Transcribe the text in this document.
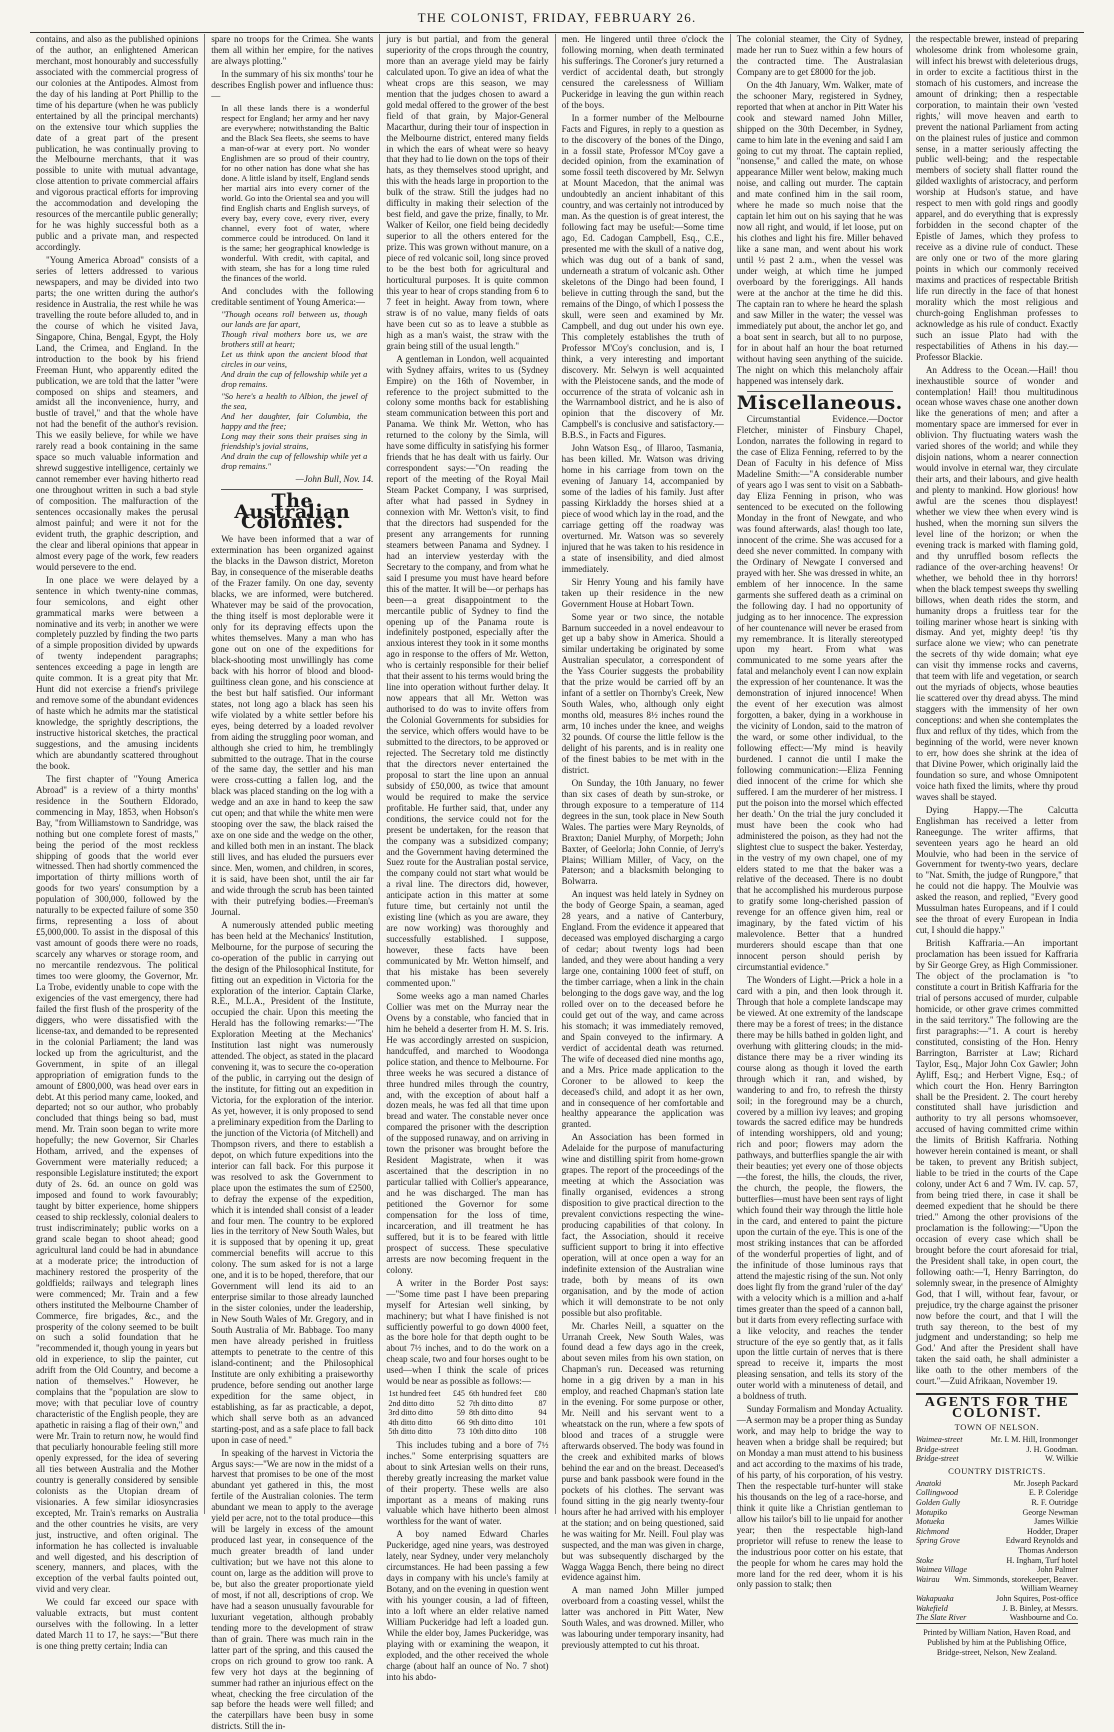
THE COLONIST, FRIDAY, FEBRUARY 26.

contains, and also as the published opinions of the author, an enlightened American merchant, most honourably and successfully associated with the commercial progress of our colonies at the Antipodes. Almost from the day of his landing at Port Phillip to the time of his departure (when he was publicly entertained by all the principal merchants) on the extensive tour which supplies the date of a great part of the present publication, he was continually proving to the Melbourne merchants, that it was possible to unite with mutual advantage, close attention to private commercial affairs and vigorous practical efforts for improving the accommodation and developing the resources of the mercantile public generally; for he was highly successful both as a public and a private man, and respected accordingly.

"Young America Abroad" consists of a series of letters addressed to various newspapers, and may be divided into two parts; the one written during the author's residence in Australia, the rest while he was travelling the route before alluded to, and in the course of which he visited Java, Singapore, China, Bengal, Egypt, the Holy Land, the Crimea, and England. In the introduction to the book by his friend Freeman Hunt, who apparently edited the publication, we are told that the latter "were composed on ships and steamers, and amidst all the inconvenience, hurry, and bustle of travel," and that the whole have not had the benefit of the author's revision. This we easily believe, for while we have rarely read a book containing in the same space so much valuable information and shrewd suggestive intelligence, certainly we cannot remember ever having hitherto read one throughout written in such a bad style of composition. The malfuraction of the sentences occasionally makes the perusal almost painful; and were it not for the evident truth, the graphic description, and the clear and liberal opinions that appear in almost every page of the work, few readers would persevere to the end.

In one place we were delayed by a sentence in which twenty-nine commas, four semicolons, and eight other grammatical marks were between a nominative and its verb; in another we were completely puzzled by finding the two parts of a simple proposition divided by upwards of twenty independent paragraphs; sentences exceeding a page in length are quite common. It is a great pity that Mr. Hunt did not exercise a friend's privilege and remove some of the abundant evidences of haste which he admits mar the statistical knowledge, the sprightly descriptions, the instructive historical sketches, the practical suggestions, and the amusing incidents which are abundantly scattered throughout the book.

The first chapter of "Young America Abroad" is a review of a thirty months' residence in the Southern Eldorado, commencing in May, 1853, when Hobson's Bay, "from Williamstown to Sandridge, was nothing but one complete forest of masts," being the period of the most reckless shipping of goods that the world ever witnessed. Then had shortly commenced the importation of thirty millions worth of goods for two years' consumption by a population of 300,000, followed by the naturally to be expected failure of some 350 firms, representing a loss of about £5,000,000. To assist in the disposal of this vast amount of goods there were no roads, scarcely any wharves or storage room, and no mercantile rendezvous. The political times too were gloomy, the Governor, Mr. La Trobe, evidently unable to cope with the exigencies of the vast emergency, there had failed the first flush of the prosperity of the diggers, who were dissatisfied with the license-tax, and demanded to be represented in the colonial Parliament; the land was locked up from the agriculturist, and the Government, in spite of an illegal appropriation of emigration funds to the amount of £800,000, was head over ears in debt. At this period many came, looked, and departed; not so our author, who probably concluded that things being so bad, must mend. Mr. Train soon began to write more hopefully; the new Governor, Sir Charles Hotham, arrived, and the expenses of Government were materially reduced; a responsible Legislature instituted; the export duty of 2s. 6d. an ounce on gold was imposed and found to work favourably; taught by bitter experience, home shippers ceased to ship recklessly, colonial dealers to trust indiscriminately; public works on a grand scale began to shoot ahead; good agricultural land could be had in abundance at a moderate price; the introduction of machinery restored the prosperity of the goldfields; railways and telegraph lines were commenced; Mr. Train and a few others instituted the Melbourne Chamber of Commerce, fire brigades, &c., and the prosperity of the colony seemed to be built on such a solid foundation that he "recommended it, though young in years but old in experience, to slip the painter, cut adrift from the Old Country, and become a nation of themselves." However, he complains that the "population are slow to move; with that peculiar love of country characteristic of the English people, they are apathetic in raising a flag of their own," and were Mr. Train to return now, he would find that peculiarly honourable feeling still more openly expressed, for the idea of severing all ties between Australia and the Mother country is generally considered by sensible colonists as the Utopian dream of visionaries. A few similar idiosyncrasies excepted, Mr. Train's remarks on Australia and the other countries he visits, are very just, instructive, and often original. The information he has collected is invaluable and well digested, and his description of scenery, manners, and places, with the exception of the verbal faults pointed out, vivid and very clear.

We could far exceed our space with valuable extracts, but must content ourselves with the following. In a letter dated March 11 to 17, he says:—"But there is one thing pretty certain; India can

spare no troops for the Crimea. She wants them all within her empire, for the natives are always plotting."

In the summary of his six months' tour he describes English power and influence thus:—

In all these lands there is a wonderful respect for England; her army and her navy are everywhere; notwithstanding the Baltic and the Black Sea fleets, she seems to have a man-of-war at every port. No wonder Englishmen are so proud of their country, for no other nation has done what she has done. A little island by itself, England sends her martial airs into every corner of the world. Go into the Oriental sea and you will find English charts and English surveys, of every bay, every cove, every river, every channel, every foot of water, where commerce could be introduced. On land it is the same; her geographical knowledge is wonderful. With credit, with capital, and with steam, she has for a long time ruled the finances of the world.

And concludes with the following creditable sentiment of Young America:—

"Though oceans roll between us, though our lands are far apart,
Though rival mothers bore us, we are brothers still at heart;
Let us think upon the ancient blood that circles in our veins,
And drain the cup of fellowship while yet a drop remains.
"So here's a health to Albion, the jewel of the sea,
And her daughter, fair Columbia, the happy and the free;
Long may their sons their praises sing in friendship's jovial strains,
And drain the cup of fellowship while yet a drop remains."
—John Bull, Nov. 14.
The Australian Colonies.

We have been informed that a war of extermination has been organized against the blacks in the Dawson district, Moreton Bay, in consequence of the miserable deaths of the Frazer family. On one day, seventy blacks, we are informed, were butchered. Whatever may be said of the provocation, the thing itself is most deplorable were it only for its depraving effects upon the whites themselves. Many a man who has gone out on one of the expeditions for black-shooting most unwillingly has come back with his horror of blood and blood-guiltiness clean gone, and his conscience at the best but half satisfied. Our informant states, not long ago a black has seen his wife violated by a white settler before his eyes, being deterred by a loaded revolver from aiding the struggling poor woman, and although she cried to him, he tremblingly submitted to the outrage. That in the course of the same day, the settler and his man were cross-cutting a fallen log, and the black was placed standing on the log with a wedge and an axe in hand to keep the saw cut open; and that while the white men were stooping over the saw, the black raised the axe on one side and the wedge on the other, and killed both men in an instant. The black still lives, and has eluded the pursuers ever since. Men, women, and children, in scores, it is said, have been shot, until the air far and wide through the scrub has been tainted with their putrefying bodies.—Freeman's Journal.

A numerously attended public meeting has been held at the Mechanics' Institution, Melbourne, for the purpose of securing the co-operation of the public in carrying out the design of the Philosophical Institute, for fitting out an expedition in Victoria for the exploration of the interior. Captain Clarke, R.E., M.L.A., President of the Institute, occupied the chair. Upon this meeting the Herald has the following remarks:—"The Exploration Meeting at the Mechanics' Institution last night was numerously attended. The object, as stated in the placard convening it, was to secure the co-operation of the public, in carrying out the design of the institute, for fitting out an expedition in Victoria, for the exploration of the interior. As yet, however, it is only proposed to send a preliminary expedition from the Darling to the junction of the Victoria (of Mitchell) and Thompson rivers, and there to establish a depot, on which future expeditions into the interior can fall back. For this purpose it was resolved to ask the Government to place upon the estimates the sum of £2500, to defray the expense of the expedition, which it is intended shall consist of a leader and four men. The country to be explored lies in the territory of New South Wales, but it is supposed that by opening it up, great commercial benefits will accrue to this colony. The sum asked for is not a large one, and it is to be hoped, therefore, that our Government will lend its aid to an enterprise similar to those already launched in the sister colonies, under the leadership, in New South Wales of Mr. Gregory, and in South Australia of Mr. Babbage. Too many men have already perished in fruitless attempts to penetrate to the centre of this island-continent; and the Philosophical Institute are only exhibiting a praiseworthy prudence, before sending out another large expedition for the same object, in establishing, as far as practicable, a depot, which shall serve both as an advanced starting-post, and as a safe place to fall back upon in case of need."

In speaking of the harvest in Victoria the Argus says:—"We are now in the midst of a harvest that promises to be one of the most abundant yet gathered in this, the most fertile of the Australian colonies. The term abundant we mean to apply to the average yield per acre, not to the total produce—this will be largely in excess of the amount produced last year, in consequence of the much greater breadth of land under cultivation; but we have not this alone to count on, large as the addition will prove to be, but also the greater proportionate yield of most, if not all, descriptions of crop. We have had a season unusually favourable for luxuriant vegetation, although probably tending more to the development of straw than of grain. There was much rain in the latter part of the spring, and this caused the crops on rich ground to grow too rank. A few very hot days at the beginning of summer had rather an injurious effect on the wheat, checking the free circulation of the sap before the heads were well filled; and the caterpillars have been busy in some districts. Still the in-

jury is but partial, and from the general superiority of the crops through the country, more than an average yield may be fairly calculated upon. To give an idea of what the wheat crops are this season, we may mention that the judges chosen to award a gold medal offered to the grower of the best field of that grain, by Major-General Macarthur, during their tour of inspection in the Melbourne district, entered many fields in which the ears of wheat were so heavy that they had to lie down on the tops of their hats, as they themselves stood upright, and this with the heads large in proportion to the bulk of the straw. Still the judges had no difficulty in making their selection of the best field, and gave the prize, finally, to Mr. Walker of Keilor, one field being decidedly superior to all the others entered for the prize. This was grown without manure, on a piece of red volcanic soil, long since proved to be the best both for agricultural and horticultural purposes. It is quite common this year to hear of crops standing from 6 to 7 feet in height. Away from town, where straw is of no value, many fields of oats have been cut so as to leave a stubble as high as a man's waist, the straw with the grain being still of the usual length."

A gentleman in London, well acquainted with Sydney affairs, writes to us (Sydney Empire) on the 16th of November, in reference to the project submitted to the colony some months back for establishing steam communication between this port and Panama. We think Mr. Wetton, who has returned to the colony by the Simla, will have some difficulty in satisfying his former friends that he has dealt with us fairly. Our correspondent says:—"On reading the report of the meeting of the Royal Mail Steam Packet Company, I was surprised, after what had passed in Sydney in connexion with Mr. Wetton's visit, to find that the directors had suspended for the present any arrangements for running steamers between Panama and Sydney. I had an interview yesterday with the Secretary to the company, and from what he said I presume you must have heard before this of the matter. It will be—or perhaps has been—a great disappointment to the mercantile public of Sydney to find the opening up of the Panama route is indefinitely postponed, especially after the anxious interest they took in it some months ago in response to the offers of Mr. Wetton, who is certainly responsible for their belief that their assent to his terms would bring the line into operation without further delay. It now appears that all Mr. Wetton was authorised to do was to invite offers from the Colonial Governments for subsidies for the service, which offers would have to be submitted to the directors, to be approved or rejected. The Secretary told me distinctly that the directors never entertained the proposal to start the line upon an annual subsidy of £50,000, as twice that amount would be required to make the service profitable. He further said, that, under any conditions, the service could not for the present be undertaken, for the reason that the company was a subsidized company; and the Government having determined the Suez route for the Australian postal service, the company could not start what would be a rival line. The directors did, however, anticipate action in this matter at some future time, but certainly not until the existing line (which as you are aware, they are now working) was thoroughly and successfully established. I suppose, however, these facts have been communicated by Mr. Wetton himself, and that his mistake has been severely commented upon."

Some weeks ago a man named Charles Collier was met on the Murray near the Ovens by a constable, who fancied that in him he beheld a deserter from H. M. S. Iris. He was accordingly arrested on suspicion, handcuffed, and marched to Woodonga police station, and thence to Melbourne. For three weeks he was secured a distance of three hundred miles through the country, and, with the exception of about half a dozen meals, he was fed all that time upon bread and water. The constable never once compared the prisoner with the description of the supposed runaway, and on arriving in town the prisoner was brought before the Resident Magistrate, when it was ascertained that the description in no particular tallied with Collier's appearance, and he was discharged. The man has petitioned the Governor for some compensation for the loss of time, incarceration, and ill treatment he has suffered, but it is to be feared with little prospect of success. These speculative arrests are now becoming frequent in the colony.

A writer in the Border Post says:—"Some time past I have been preparing myself for Artesian well sinking, by machinery; but what I have finished is not sufficiently powerful to go down 4000 feet, as the bore hole for that depth ought to be about 7½ inches, and to do the work on a cheap scale, two and four horses ought to be used—when I think the scale of prices would be near as possible as follows:—

1st hundred feet	£45	6th hundred feet	£80
2nd ditto ditto	52	7th ditto ditto	87
3rd ditto ditto	59	8th ditto ditto	94
4th ditto ditto	66	9th ditto ditto	101
5th ditto ditto	73	10th ditto ditto	108

This includes tubing and a bore of 7½ inches." Some enterprising squatters are about to sink Artesian wells on their runs, thereby greatly increasing the market value of their property. These wells are also important as a means of making runs valuable which have hitherto been almost worthless for the want of water.

A boy named Edward Charles Puckeridge, aged nine years, was destroyed lately, near Sydney, under very melancholy circumstances. He had been passing a few days in company with his uncle's family at Botany, and on the evening in question went with his younger cousin, a lad of fifteen, into a loft where an elder relative named William Puckeridge had left a loaded gun. While the elder boy, James Puckeridge, was playing with or examining the weapon, it exploded, and the other received the whole charge (about half an ounce of No. 7 shot) into his abdo-

men. He lingered until three o'clock the following morning, when death terminated his sufferings. The Coroner's jury returned a verdict of accidental death, but strongly censured the carelessness of William Puckeridge in leaving the gun within reach of the boys.

In a former number of the Melbourne Facts and Figures, in reply to a question as to the discovery of the bones of the Dingo, in a fossil state, Professor M'Coy gave a decided opinion, from the examination of some fossil teeth discovered by Mr. Selwyn at Mount Macedon, that the animal was undoubtedly an ancient inhabitant of this country, and was certainly not introduced by man. As the question is of great interest, the following fact may be useful:—Some time ago, Ed. Cadogan Campbell, Esq., C.E., presented me with the skull of a native dog, which was dug out of a bank of sand, underneath a stratum of volcanic ash. Other skeletons of the Dingo had been found, I believe in cutting through the sand, but the remains of the Dingo, of which I possess the skull, were seen and examined by Mr. Campbell, and dug out under his own eye. This completely establishes the truth of Professor M'Coy's conclusion, and is, I think, a very interesting and important discovery. Mr. Selwyn is well acquainted with the Pleistocene sands, and the mode of occurrence of the strata of volcanic ash in the Warrnambool district, and he is also of opinion that the discovery of Mr. Campbell's is conclusive and satisfactory.—B.B.S., in Facts and Figures.

John Watson Esq., of Illaroo, Tasmania, has been killed. Mr. Watson was driving home in his carriage from town on the evening of January 14, accompanied by some of the ladies of his family. Just after passing Kirkladdy the horses shied at a piece of wood which lay in the road, and the carriage getting off the roadway was overturned. Mr. Watson was so severely injured that he was taken to his residence in a state of insensibility, and died almost immediately.

Sir Henry Young and his family have taken up their residence in the new Government House at Hobart Town.

Some year or two since, the notable Barnum succeeded in a novel endeavour to get up a baby show in America. Should a similar undertaking be originated by some Australian speculator, a correspondent of the Yass Courier suggests the probability that the prize would be carried off by an infant of a settler on Thornby's Creek, New South Wales, who, although only eight months old, measures 8½ inches round the arm, 10 inches under the knee, and weighs 32 pounds. Of course the little fellow is the delight of his parents, and is in reality one of the finest babies to be met with in the district.

On Sunday, the 10th January, no fewer than six cases of death by sun-stroke, or through exposure to a temperature of 114 degrees in the sun, took place in New South Wales. The parties were Mary Reynolds, of Braxton; Daniel Murphy, of Morpeth; John Baxter, of Geelorla; John Connie, of Jerry's Plains; William Miller, of Vacy, on the Paterson; and a blacksmith belonging to Bolwarra.

An inquest was held lately in Sydney on the body of George Spain, a seaman, aged 28 years, and a native of Canterbury, England. From the evidence it appeared that deceased was employed discharging a cargo of cedar; about twenty logs had been landed, and they were about handing a very large one, containing 1000 feet of stuff, on the timber carriage, when a link in the chain belonging to the dogs gave way, and the log rolled over on to the deceased before he could get out of the way, and came across his stomach; it was immediately removed, and Spain conveyed to the infirmary. A verdict of accidental death was returned. The wife of deceased died nine months ago, and a Mrs. Price made application to the Coroner to be allowed to keep the deceased's child, and adopt it as her own, and in consequence of her comfortable and healthy appearance the application was granted.

An Association has been formed in Adelaide for the purpose of manufacturing wine and distilling spirit from home-grown grapes. The report of the proceedings of the meeting at which the Association was finally organised, evidences a strong disposition to give practical direction to the prevalent convictions respecting the wine-producing capabilities of that colony. In fact, the Association, should it receive sufficient support to bring it into effective operation, will at once open a way for an indefinite extension of the Australian wine trade, both by means of its own organisation, and by the mode of action which it will demonstrate to be not only possible but also profitable.

Mr. Charles Neill, a squatter on the Urranah Creek, New South Wales, was found dead a few days ago in the creek, about seven miles from his own station, on Chapman's run. Deceased was returning home in a gig driven by a man in his employ, and reached Chapman's station late in the evening. For some purpose or other, Mr. Neill and his servant went to a wheatstack on the run, where a few spots of blood and traces of a struggle were afterwards observed. The body was found in the creek and exhibited marks of blows behind the ear and on the breast. Deceased's purse and bank passbook were found in the pockets of his clothes. The servant was found sitting in the gig nearly twenty-four hours after he had arrived with his employer at the station; and on being questioned, said he was waiting for Mr. Neill. Foul play was suspected, and the man was given in charge, but was subsequently discharged by the Wagga Wagga Bench, there being no direct evidence against him.

A man named John Miller jumped overboard from a coasting vessel, whilst the latter was anchored in Pitt Water, New South Wales, and was drowned. Miller, who was labouring under temporary insanity, had previously attempted to cut his throat.

The colonial steamer, the City of Sydney, made her run to Suez within a few hours of the contracted time. The Australasian Company are to get £8000 for the job.

On the 4th January, Wm. Walker, mate of the schooner Mary, registered in Sydney, reported that when at anchor in Pitt Water his cook and steward named John Miller, shipped on the 30th December, in Sydney, came to him late in the evening and said I am going to cut my throat. The captain replied, "nonsense," and called the mate, on whose appearance Miller went below, making much noise, and calling out murder. The captain and mate confined him in the sail room, where he made so much noise that the captain let him out on his saying that he was now all right, and would, if let loose, put on his clothes and light his fire. Miller behaved like a sane man, and went about his work until ½ past 2 a.m., when the vessel was under weigh, at which time he jumped overboard by the foreriggings. All hands were at the anchor at the time he did this. The captain ran to where he heard the splash and saw Miller in the water; the vessel was immediately put about, the anchor let go, and a boat sent in search, but all to no purpose, for in about half an hour the boat returned without having seen anything of the suicide. The night on which this melancholy affair happened was intensely dark.

Miscellaneous.

Circumstantial Evidence.—Doctor Fletcher, minister of Finsbury Chapel, London, narrates the following in regard to the case of Eliza Fenning, referred to by the Dean of Faculty in his defence of Miss Madeline Smith:—"A considerable number of years ago I was sent to visit on a Sabbath-day Eliza Fenning in prison, who was sentenced to be executed on the following Monday in the front of Newgate, and who was found afterwards, alas! though too late, innocent of the crime. She was accused for a deed she never committed. In company with the Ordinary of Newgate I conversed and prayed with her. She was dressed in white, an emblem of her innocence. In the same garments she suffered death as a criminal on the following day. I had no opportunity of judging as to her innocence. The expression of her countenance will never be erased from my remembrance. It is literally stereotyped upon my heart. From what was communicated to me some years after the fatal and melancholy event I can now explain the expression of her countenance. It was the demonstration of injured innocence! When the event of her execution was almost forgotten, a baker, dying in a workhouse in the vicinity of London, said to the matron of the ward, or some other individual, to the following effect:—'My mind is heavily burdened. I cannot die until I make the following communication:—Eliza Fenning died innocent of the crime for which she suffered. I am the murderer of her mistress. I put the poison into the morsel which effected her death.' On the trial the jury concluded it must have been the cook who had administered the poison, as they had not the slightest clue to suspect the baker. Yesterday, in the vestry of my own chapel, one of my elders stated to me that the baker was a relative of the deceased. There is no doubt that he accomplished his murderous purpose to gratify some long-cherished passion of revenge for an offence given him, real or imaginary, by the fated victim of his malevolence. Better that a hundred murderers should escape than that one innocent person should perish by circumstantial evidence."

The Wonders of Light.—Prick a hole in a card with a pin, and then look through it. Through that hole a complete landscape may be viewed. At one extremity of the landscape there may be a forest of trees; in the distance there may be hills bathed in golden light, and overhung with glittering clouds; in the mid-distance there may be a river winding its course along as though it loved the earth through which it ran, and wished, by wandering to and fro, to refresh the thirsty soil; in the foreground may be a church, covered by a million ivy leaves; and groping towards the sacred edifice may be hundreds of intending worshippers, old and young; rich and poor; flowers may adorn the pathways, and butterflies spangle the air with their beauties; yet every one of those objects—the forest, the hills, the clouds, the river, the church, the people, the flowers, the butterflies—must have been sent rays of light which found their way through the little hole in the card, and entered to paint the picture upon the curtain of the eye. This is one of the most striking instances that can be afforded of the wonderful properties of light, and of the infinitude of those luminous rays that attend the majestic rising of the sun. Not only does light fly from the grand 'ruler of the day' with a velocity which is a million and a-half times greater than the speed of a cannon ball, but it darts from every reflecting surface with a like velocity, and reaches the tender structure of the eye so gently that, as it falls upon the little curtain of nerves that is there spread to receive it, imparts the most pleasing sensation, and tells its story of the outer world with a minuteness of detail, and a boldness of truth.

Sunday Formalism and Monday Actuality.—A sermon may be a proper thing as Sunday work, and may help to bridge the way to heaven when a bridge shall be required; but on Monday a man must attend to his business and act according to the maxims of his trade, of his party, of his corporation, of his vestry. Then the respectable turf-hunter will stake his thousands on the leg of a race-horse, and think it quite like a Christian gentleman to allow his tailor's bill to lie unpaid for another year; then the respectable high-land proprietor will refuse to renew the lease to the industrious poor cotter on his estate, that the people for whom he cares may hold the more land for the red deer, whom it is his only passion to stalk; then

the respectable brewer, instead of preparing wholesome drink from wholesome grain, will infect his brewst with deleterious drugs, in order to excite a factitious thirst in the stomach of his customers, and increase the amount of drinking; then a respectable corporation, to maintain their own 'vested rights,' will move heaven and earth to prevent the national Parliament from acting on the plainest rules of justice and common sense, in a matter seriously affecting the public well-being; and the respectable members of society shall flatter round the gilded waxlights of aristocracy, and perform worship at Hudson's statue, and have respect to men with gold rings and goodly apparel, and do everything that is expressly forbidden in the second chapter of the Epistle of James, which they profess to receive as a divine rule of conduct. These are only one or two of the more glaring points in which our commonly received maxims and practices of respectable British life run directly in the face of that honest morality which the most religious and church-going Englishman professes to acknowledge as his rule of conduct. Exactly such an issue Plato had with the respectabilities of Athens in his day.—Professor Blackie.

An Address to the Ocean.—Hail! thou inexhaustible source of wonder and contemplation! Hail! thou multitudinous ocean whose waves chase one another down like the generations of men; and after a momentary space are immersed for ever in oblivion. Thy fluctuating waters wash the varied shores of the world; and while they disjoin nations, whom a nearer connection would involve in eternal war, they circulate their arts, and their labours, and give health and plenty to mankind. How glorious! how awful are the scenes thou displayest! whether we view thee when every wind is hushed, when the morning sun silvers the level line of the horizon; or when the evening track is marked with flaming gold, and thy unruffled bosom reflects the radiance of the over-arching heavens! Or whether, we behold thee in thy horrors! when the black tempest sweeps thy swelling billows, when death rides the storm, and humanity drops a fruitless tear for the toiling mariner whose heart is sinking with dismay. And yet, mighty deep! 'tis thy surface alone we view; who can penetrate the secrets of thy wide domain; what eye can visit thy immense rocks and caverns, that teem with life and vegetation, or search out the myriads of objects, whose beauties lie scattered over thy dread abyss. The mind staggers with the immensity of her own conceptions: and when she contemplates the flux and reflux of thy tides, which from the beginning of the world, were never known to err, how does she shrink at the idea of that Divine Power, which originally laid the foundation so sure, and whose Omnipotent voice hath fixed the limits, where thy proud waves shall be stayed.

Dying Happy.—The Calcutta Englishman has received a letter from Raneegunge. The writer affirms, that seventeen years ago he heard an old Moulvie, who had been in the service of Government for twenty-two years, declare to "Nat. Smith, the judge of Rungpore," that he could not die happy. The Moulvie was asked the reason, and replied, "Every good Mussulman hates Europeans, and if I could see the throat of every European in India cut, I should die happy."

British Kaffraria.—An important proclamation has been issued for Kaffraria by Sir George Grey, as High Commissioner. The object of the proclamation is "to constitute a court in British Kaffraria for the trial of persons accused of murder, culpable homicide, or other grave crimes committed in the said territory." The following are the first paragraphs:—"1. A court is hereby constituted, consisting of the Hon. Henry Barrington, Barrister at Law; Richard Taylor, Esq., Major John Cox Gawler; John Ayliff, Esq.; and Herbert Vigne, Esq.; of which court the Hon. Henry Barrington shall be the President. 2. The court hereby constituted shall have jurisdiction and authority to try all persons whomsoever, accused of having committed crime within the limits of British Kaffraria. Nothing however herein contained is meant, or shall be taken, to prevent any British subject, liable to be tried in the courts of the Cape colony, under Act 6 and 7 Wm. IV. cap. 57, from being tried there, in case it shall be deemed expedient that he should be there tried." Among the other provisions of the proclamation is the following:—"Upon the occasion of every case which shall be brought before the court aforesaid for trial, the President shall take, in open court, the following oath:—'I, Henry Barrington, do solemnly swear, in the presence of Almighty God, that I will, without fear, favour, or prejudice, try the charge against the prisoner now before the court, and that I will the truth say thereon, to the best of my judgment and understanding; so help me God.' And after the President shall have taken the said oath, he shall administer a like oath to the other members of the court."—Zuid Afrikaan, November 19.

AGENTS FOR THE COLONIST.
TOWN OF NELSON.
Waimea-street	Mr. I. M. Hill, Ironmonger
Bridge-street	J. H. Goodman.
Bridge-street	W. Wilkie
COUNTRY DISTRICTS.
Anatoki	Mr. Joseph Packard
Collingwood	E. P. Coleridge
Golden Gully	R. F. Outridge
Motupiko	George Newman
Motueka	James Wilkie
Richmond	Hodder, Draper
Spring Grove	Edward Reynolds and
Thomas Anderson
Stoke	H. Ingham, Turf hotel
Waimea Village	John Palmer
Wairau Wm. Simmonds, storekeeper, Beaver.
William Wearney
Wakapuaka	John Squires, Post-office
Wakefield	J. B. Binley, at Messrs.
The Slate River	Washbourne and Co.
Printed by William Nation, Haven Road, and Published by him at the Publishing Office, Bridge-street, Nelson, New Zealand.
